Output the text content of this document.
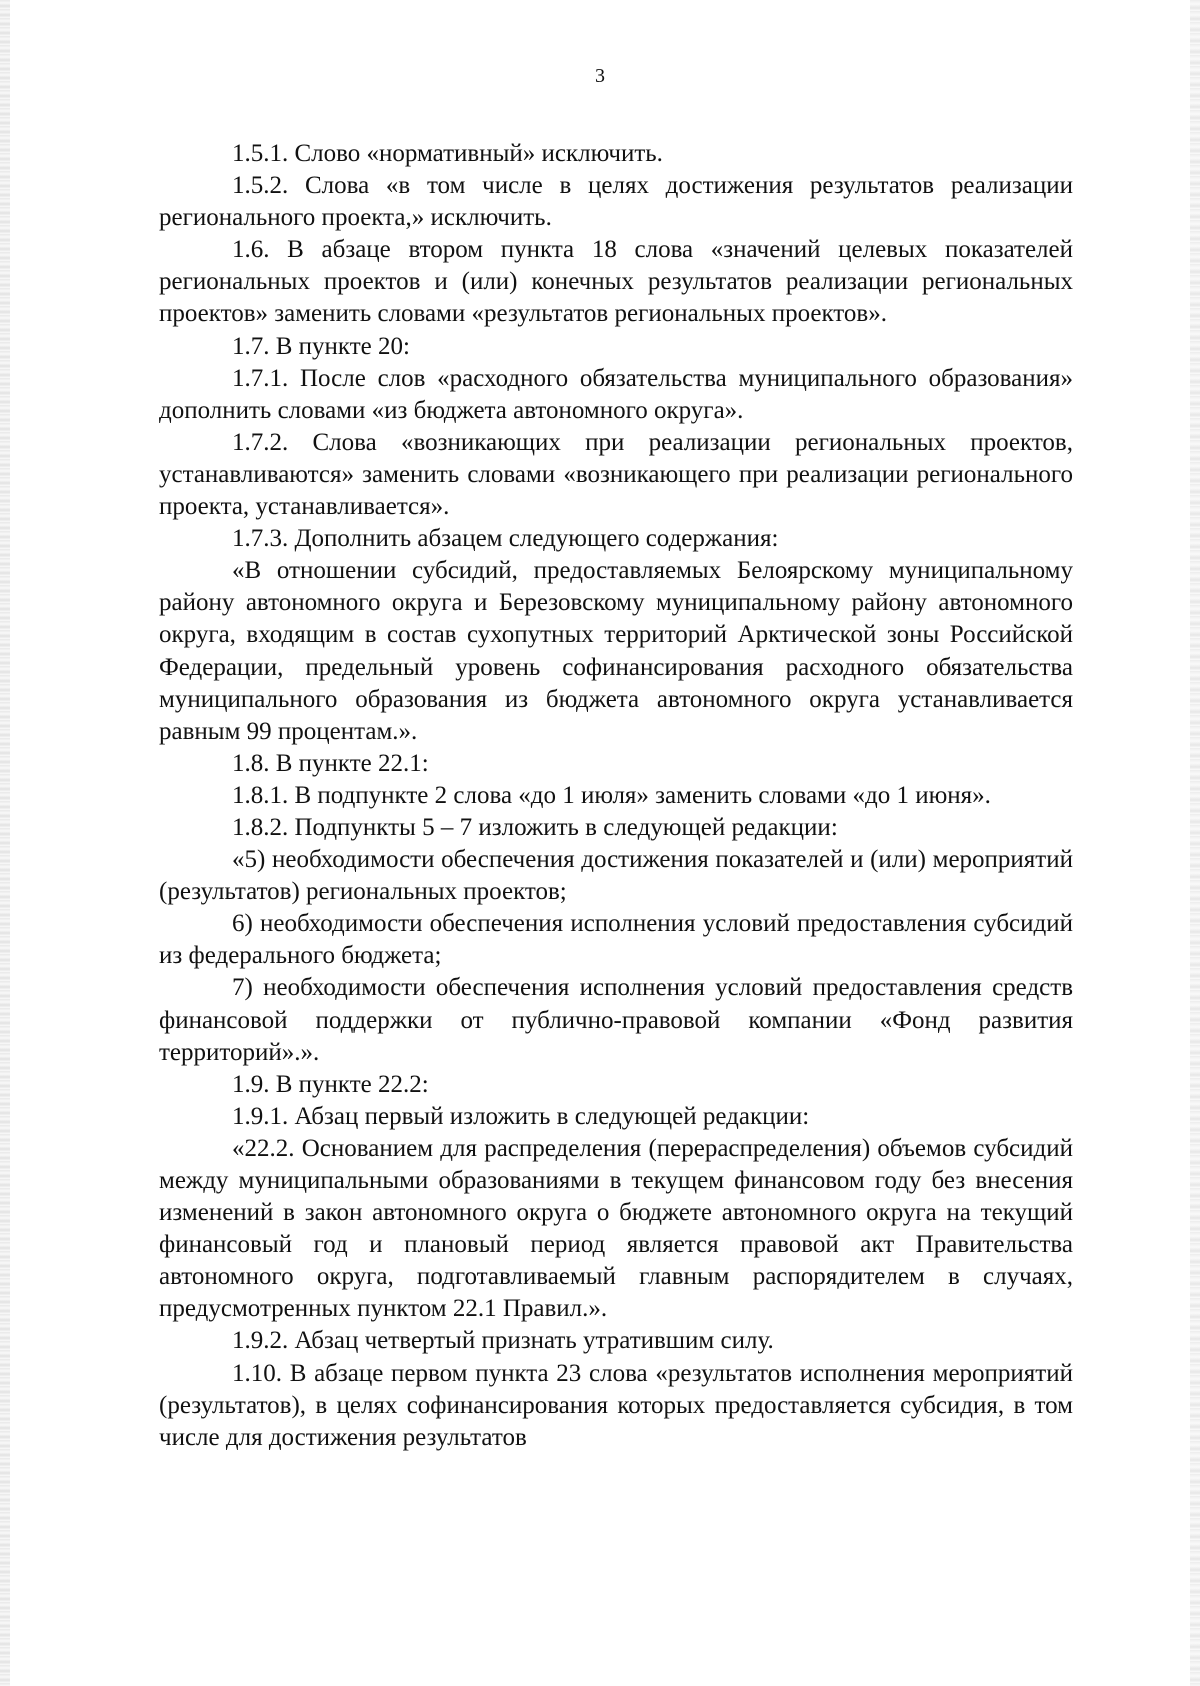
3

1.5.1. Слово «нормативный» исключить.

1.5.2. Слова «в том числе в целях достижения результатов реализации регионального проекта,» исключить.

1.6. В абзаце втором пункта 18 слова «значений целевых показателей региональных проектов и (или) конечных результатов реализации региональных проектов» заменить словами «результатов региональных проектов».

1.7. В пункте 20:

1.7.1. После слов «расходного обязательства муниципального образования» дополнить словами «из бюджета автономного округа».

1.7.2. Слова «возникающих при реализации региональных проектов, устанавливаются» заменить словами «возникающего при реализации регионального проекта, устанавливается».

1.7.3. Дополнить абзацем следующего содержания:

«В отношении субсидий, предоставляемых Белоярскому муниципальному району автономного округа и Березовскому муниципальному району автономного округа, входящим в состав сухопутных территорий Арктической зоны Российской Федерации, предельный уровень софинансирования расходного обязательства муниципального образования из бюджета автономного округа устанавливается равным 99 процентам.».

1.8. В пункте 22.1:

1.8.1. В подпункте 2 слова «до 1 июля» заменить словами «до 1 июня».

1.8.2. Подпункты 5 – 7 изложить в следующей редакции:

«5) необходимости обеспечения достижения показателей и (или) мероприятий (результатов) региональных проектов;

6) необходимости обеспечения исполнения условий предоставления субсидий из федерального бюджета;

7) необходимости обеспечения исполнения условий предоставления средств финансовой поддержки от публично-правовой компании «Фонд развития территорий».».

1.9. В пункте 22.2:

1.9.1. Абзац первый изложить в следующей редакции:

«22.2. Основанием для распределения (перераспределения) объемов субсидий между муниципальными образованиями в текущем финансовом году без внесения изменений в закон автономного округа о бюджете автономного округа на текущий финансовый год и плановый период является правовой акт Правительства автономного округа, подготавливаемый главным распорядителем в случаях, предусмотренных пунктом 22.1 Правил.».

1.9.2. Абзац четвертый признать утратившим силу.

1.10. В абзаце первом пункта 23 слова «результатов исполнения мероприятий (результатов), в целях софинансирования которых предоставляется субсидия, в том числе для достижения результатов
